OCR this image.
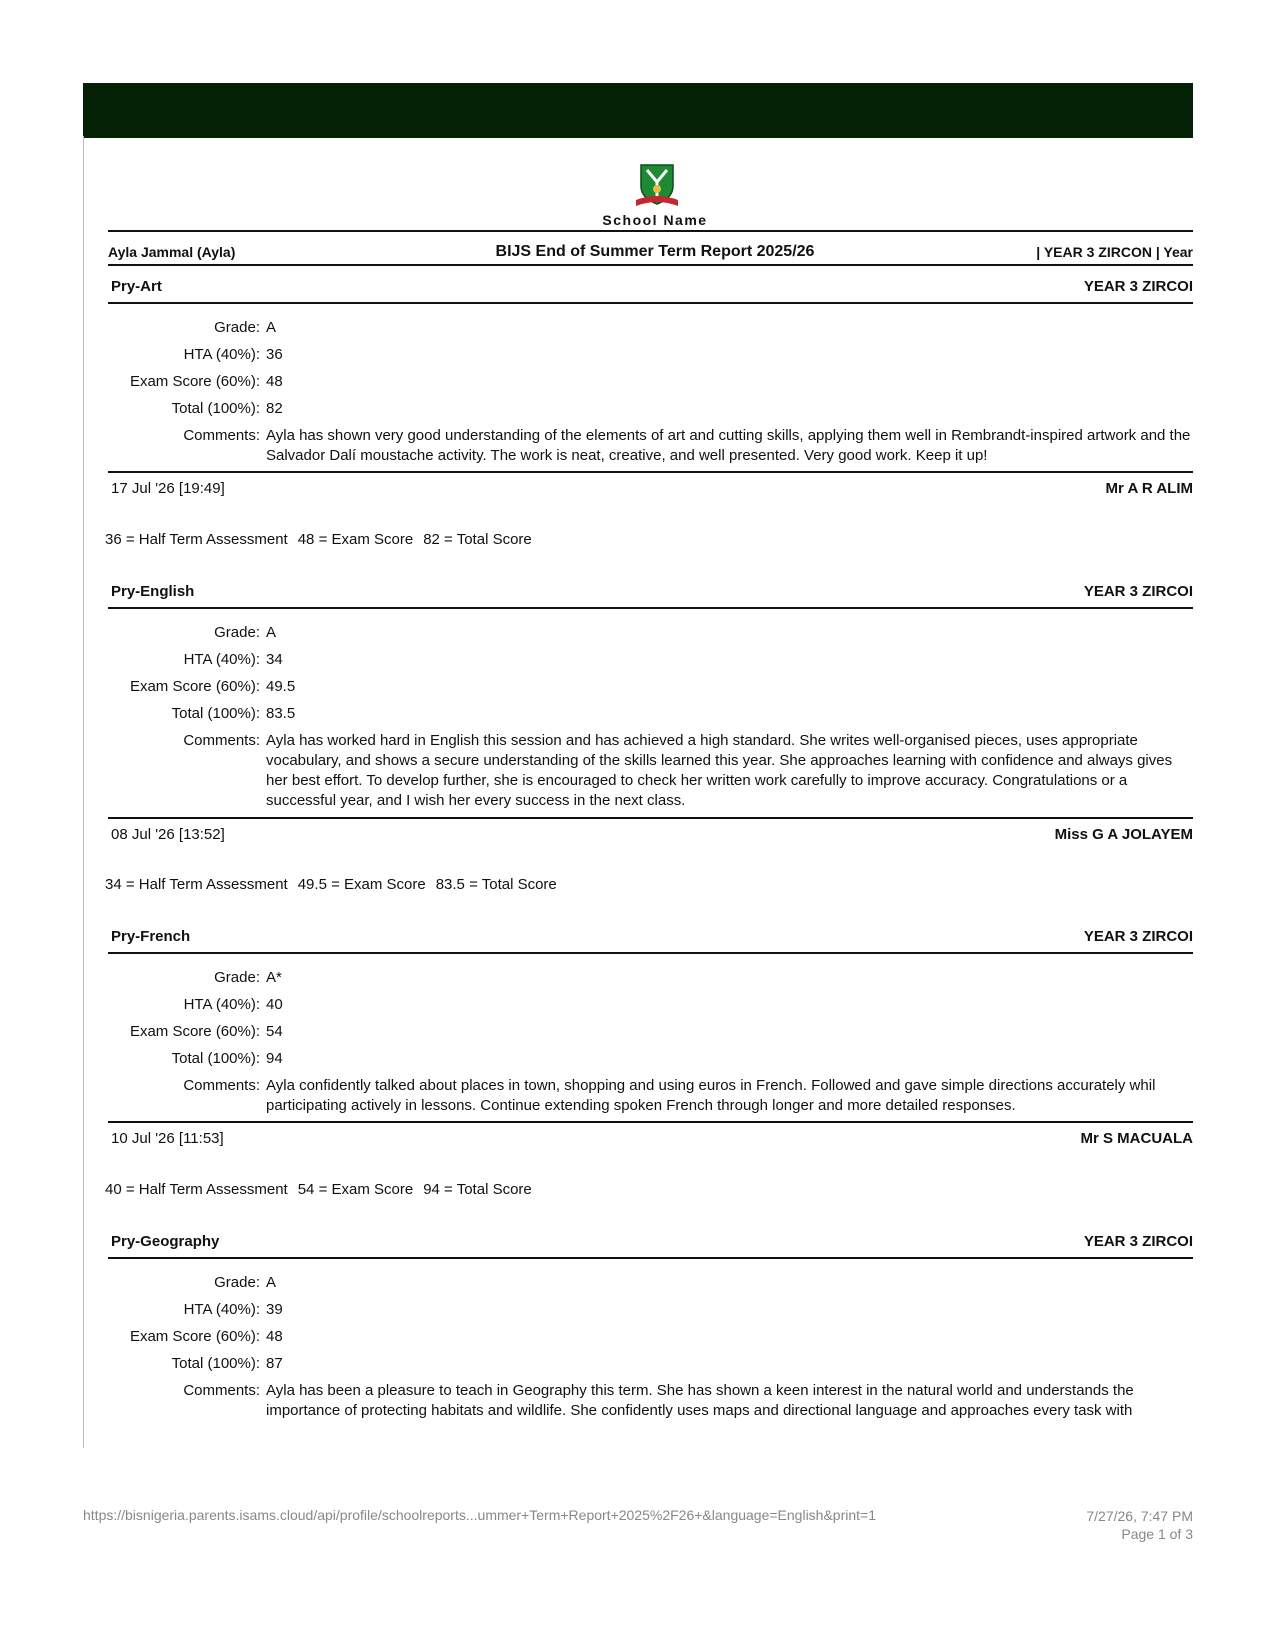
School Name
Ayla Jammal (Ayla)	BIJS End of Summer Term Report 2025/26	| YEAR 3 ZIRCON | Year
Pry-Art	YEAR 3 ZIRCOI
Grade: A
HTA (40%): 36
Exam Score (60%): 48
Total (100%): 82
Comments: Ayla has shown very good understanding of the elements of art and cutting skills, applying them well in Rembrandt-inspired artwork and the Salvador Dalí moustache activity. The work is neat, creative, and well presented. Very good work. Keep it up!
17 Jul '26 [19:49]	Mr A R ALIM
36 = Half Term Assessment 48 = Exam Score 82 = Total Score
Pry-English	YEAR 3 ZIRCOI
Grade: A
HTA (40%): 34
Exam Score (60%): 49.5
Total (100%): 83.5
Comments: Ayla has worked hard in English this session and has achieved a high standard. She writes well-organised pieces, uses appropriate vocabulary, and shows a secure understanding of the skills learned this year. She approaches learning with confidence and always gives her best effort. To develop further, she is encouraged to check her written work carefully to improve accuracy. Congratulations or a successful year, and I wish her every success in the next class.
08 Jul '26 [13:52]	Miss G A JOLAYEM
34 = Half Term Assessment 49.5 = Exam Score 83.5 = Total Score
Pry-French	YEAR 3 ZIRCOI
Grade: A*
HTA (40%): 40
Exam Score (60%): 54
Total (100%): 94
Comments: Ayla confidently talked about places in town, shopping and using euros in French. Followed and gave simple directions accurately whil participating actively in lessons. Continue extending spoken French through longer and more detailed responses.
10 Jul '26 [11:53]	Mr S MACUALA
40 = Half Term Assessment 54 = Exam Score 94 = Total Score
Pry-Geography	YEAR 3 ZIRCOI
Grade: A
HTA (40%): 39
Exam Score (60%): 48
Total (100%): 87
Comments: Ayla has been a pleasure to teach in Geography this term. She has shown a keen interest in the natural world and understands the importance of protecting habitats and wildlife. She confidently uses maps and directional language and approaches every task with
https://bisnigeria.parents.isams.cloud/api/profile/schoolreports...ummer+Term+Report+2025%2F26+&language=English&print=1	7/27/26, 7:47 PM
Page 1 of 3
